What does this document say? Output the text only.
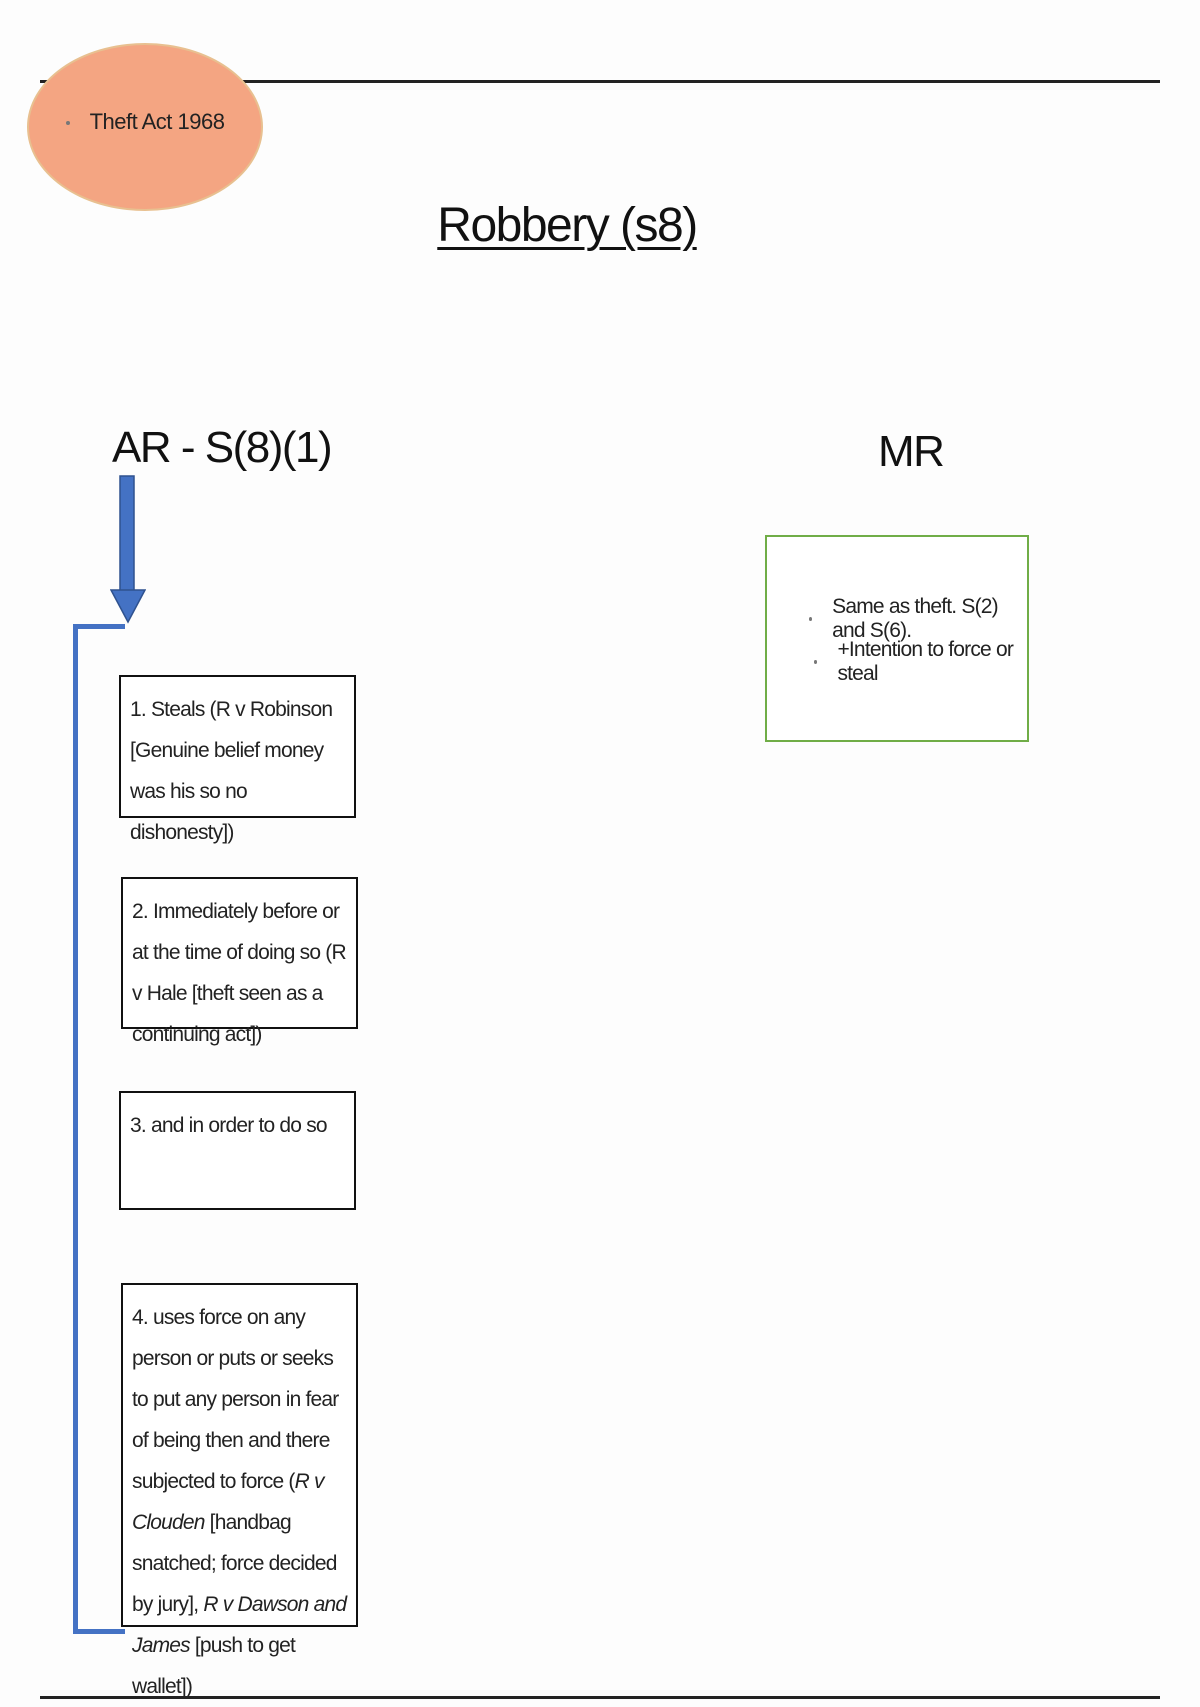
Theft Act 1968
Robbery (s8)
AR - S(8)(1)	MR

1. Steals (R v Robinson [Genuine belief money was his so no dishonesty])

2. Immediately before or at the time of doing so (R v Hale [theft seen as a continuing act])

3. and in order to do so

4. uses force on any person or puts or seeks to put any person in fear of being then and there subjected to force (R v Clouden [handbag snatched; force decided by jury], R v Dawson and James [push to get wallet])

Same as theft. S(2) and S(6).
+Intention to force or steal
